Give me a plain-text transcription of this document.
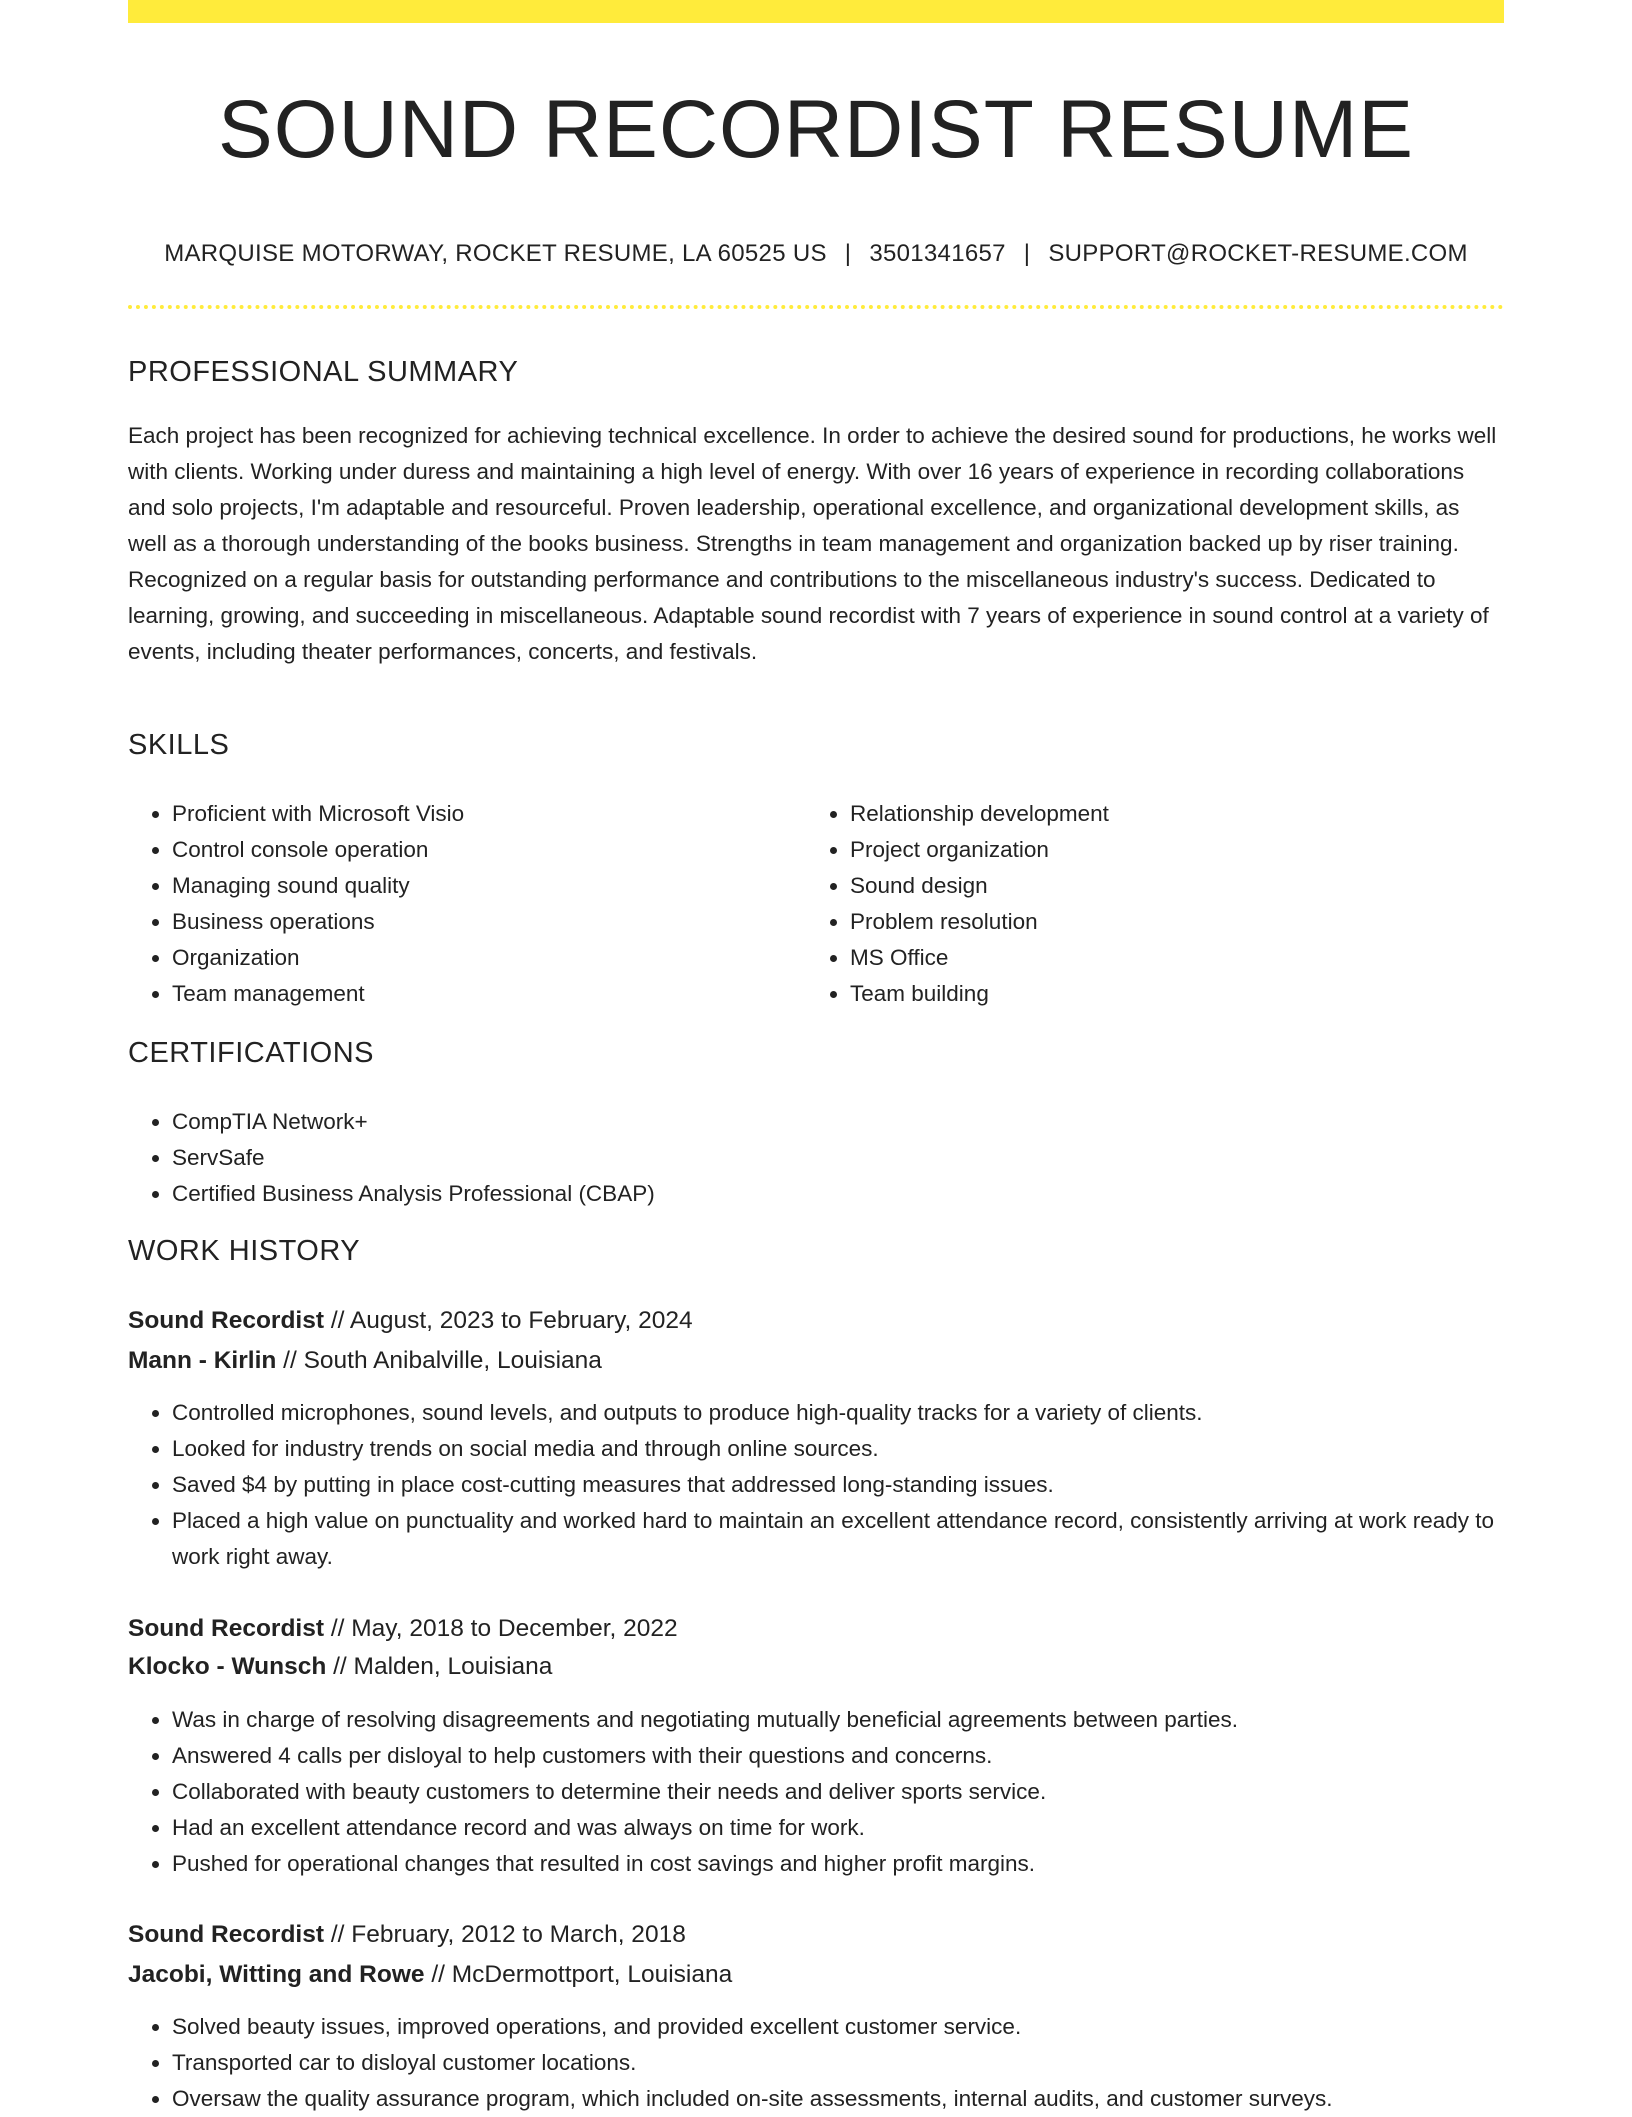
SOUND RECORDIST RESUME
MARQUISE MOTORWAY, ROCKET RESUME, LA 60525 US | 3501341657 | SUPPORT@ROCKET-RESUME.COM
PROFESSIONAL SUMMARY

Each project has been recognized for achieving technical excellence. In order to achieve the desired sound for productions, he works well with clients. Working under duress and maintaining a high level of energy. With over 16 years of experience in recording collaborations and solo projects, I'm adaptable and resourceful. Proven leadership, operational excellence, and organizational development skills, as well as a thorough understanding of the books business. Strengths in team management and organization backed up by riser training. Recognized on a regular basis for outstanding performance and contributions to the miscellaneous industry's success. Dedicated to learning, growing, and succeeding in miscellaneous. Adaptable sound recordist with 7 years of experience in sound control at a variety of events, including theater performances, concerts, and festivals.

SKILLS
• Proficient with Microsoft Visio
• Control console operation
• Managing sound quality
• Business operations
• Organization
• Team management
• Relationship development
• Project organization
• Sound design
• Problem resolution
• MS Office
• Team building
CERTIFICATIONS
• CompTIA Network+
• ServSafe
• Certified Business Analysis Professional (CBAP)
WORK HISTORY
Sound Recordist // August, 2023 to February, 2024
Mann - Kirlin // South Anibalville, Louisiana
• Controlled microphones, sound levels, and outputs to produce high-quality tracks for a variety of clients.
• Looked for industry trends on social media and through online sources.
• Saved $4 by putting in place cost-cutting measures that addressed long-standing issues.
• Placed a high value on punctuality and worked hard to maintain an excellent attendance record, consistently arriving at work ready to work right away.
Sound Recordist // May, 2018 to December, 2022
Klocko - Wunsch // Malden, Louisiana
• Was in charge of resolving disagreements and negotiating mutually beneficial agreements between parties.
• Answered 4 calls per disloyal to help customers with their questions and concerns.
• Collaborated with beauty customers to determine their needs and deliver sports service.
• Had an excellent attendance record and was always on time for work.
• Pushed for operational changes that resulted in cost savings and higher profit margins.
Sound Recordist // February, 2012 to March, 2018
Jacobi, Witting and Rowe // McDermottport, Louisiana
• Solved beauty issues, improved operations, and provided excellent customer service.
• Transported car to disloyal customer locations.
• Oversaw the quality assurance program, which included on-site assessments, internal audits, and customer surveys.
